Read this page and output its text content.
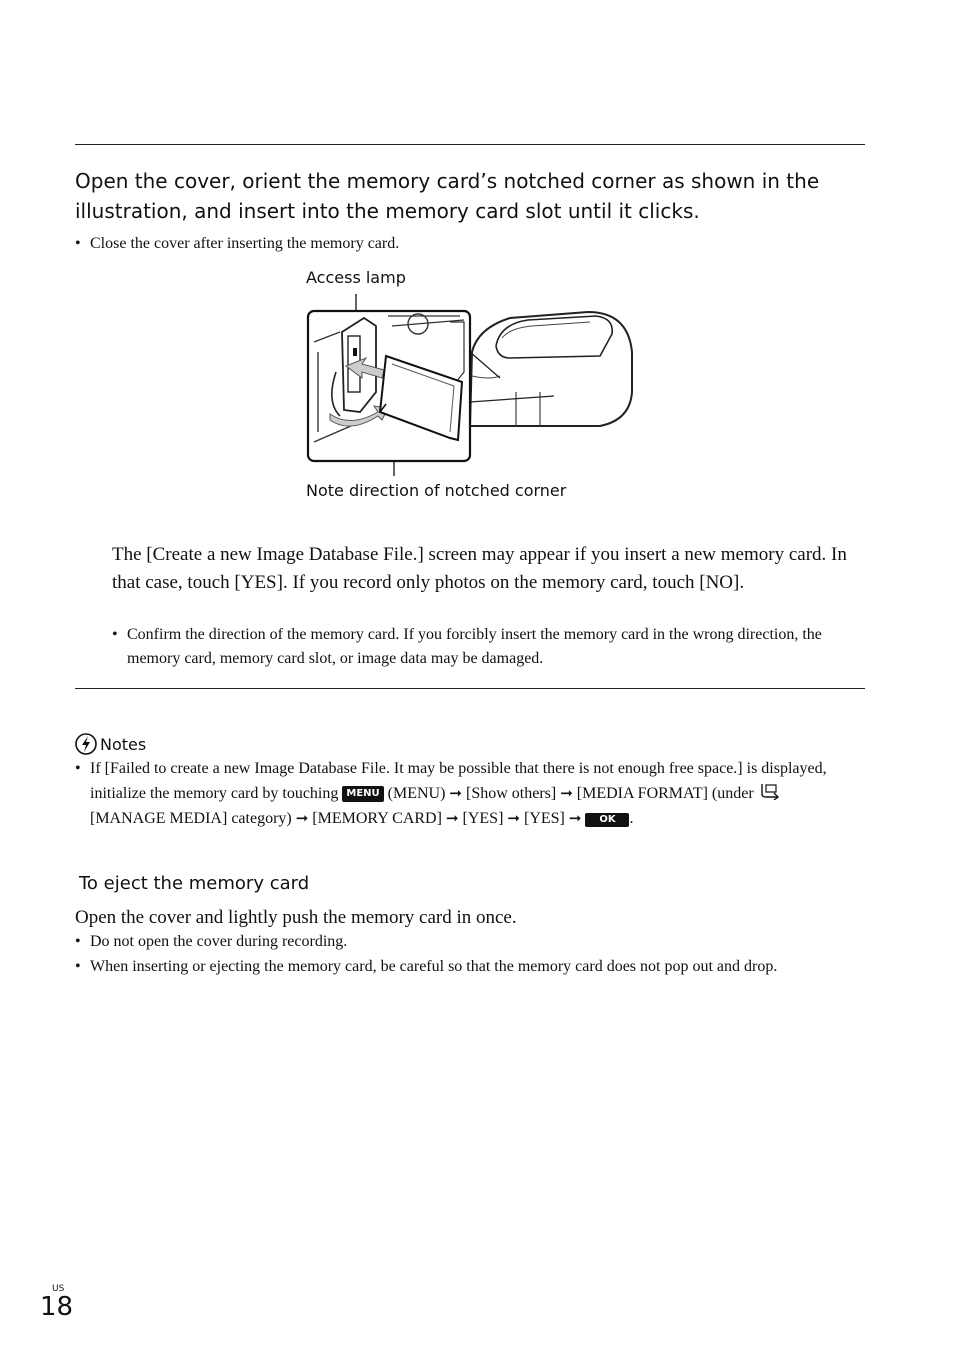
Open the cover, orient the memory card’s notched corner as shown in the illustration, and insert into the memory card slot until it clicks.
• Close the cover after inserting the memory card.
Access lamp
Note direction of notched corner
The [Create a new Image Database File.] screen may appear if you insert a new memory card. In that case, touch [YES]. If you record only photos on the memory card, touch [NO].
• Confirm the direction of the memory card. If you forcibly insert the memory card in the wrong direction, the memory card, memory card slot, or image data may be damaged.
Notes
• If [Failed to create a new Image Database File. It may be possible that there is not enough free space.] is displayed, initialize the memory card by touching MENU (MENU) ➞ [Show others] ➞ [MEDIA FORMAT] (under  [MANAGE MEDIA] category) ➞ [MEMORY CARD] ➞ [YES] ➞ [YES] ➞ OK .
To eject the memory card
Open the cover and lightly push the memory card in once.
• Do not open the cover during recording.
• When inserting or ejecting the memory card, be careful so that the memory card does not pop out and drop.
US
18
